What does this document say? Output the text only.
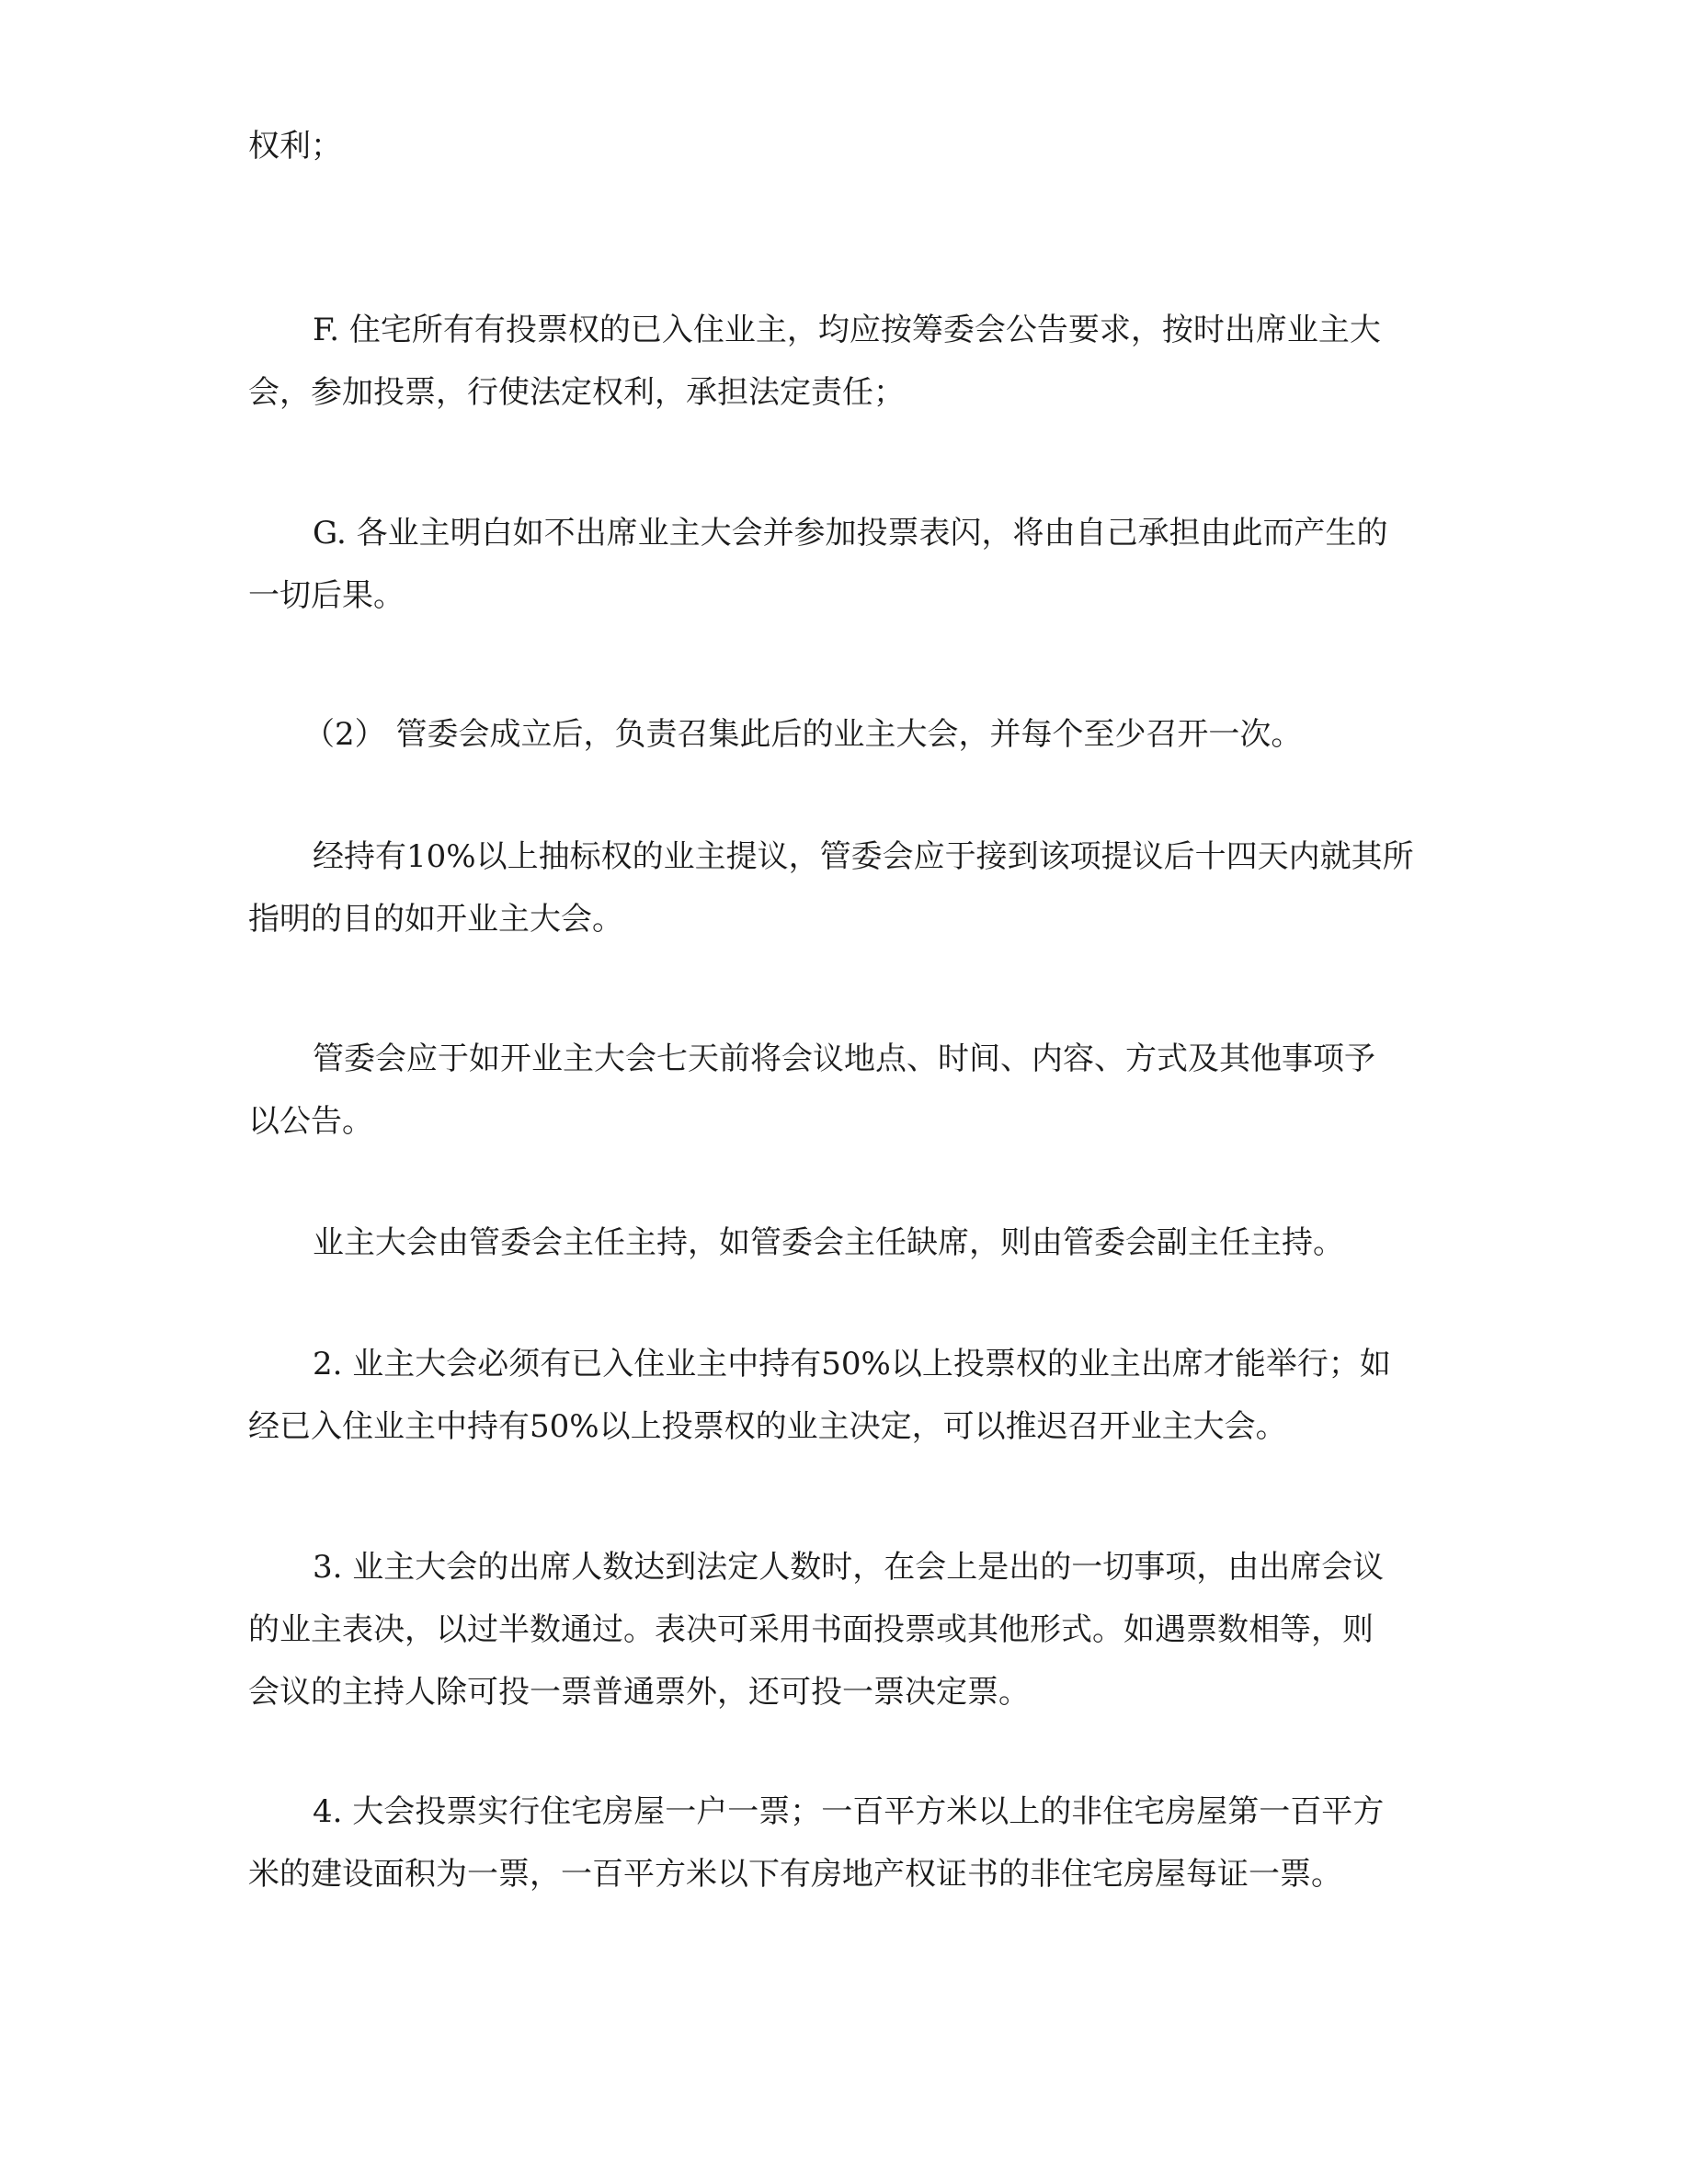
权利；
F. 住宅所有有投票权的已入住业主，均应按筹委会公告要求，按时出席业主大
会，参加投票，行使法定权利，承担法定责任；
G. 各业主明白如不出席业主大会并参加投票表闪，将由自己承担由此而产生的
一切后果。
（2） 管委会成立后，负责召集此后的业主大会，并每个至少召开一次。
经持有10%以上抽标权的业主提议，管委会应于接到该项提议后十四天内就其所
指明的目的如开业主大会。
管委会应于如开业主大会七天前将会议地点、时间、内容、方式及其他事项予
以公告。
业主大会由管委会主任主持，如管委会主任缺席，则由管委会副主任主持。
2. 业主大会必须有已入住业主中持有50%以上投票权的业主出席才能举行；如
经已入住业主中持有50%以上投票权的业主决定，可以推迟召开业主大会。
3. 业主大会的出席人数达到法定人数时，在会上是出的一切事项，由出席会议
的业主表决，以过半数通过。表决可采用书面投票或其他形式。如遇票数相等，则
会议的主持人除可投一票普通票外，还可投一票决定票。
4. 大会投票实行住宅房屋一户一票；一百平方米以上的非住宅房屋第一百平方
米的建设面积为一票，一百平方米以下有房地产权证书的非住宅房屋每证一票。
